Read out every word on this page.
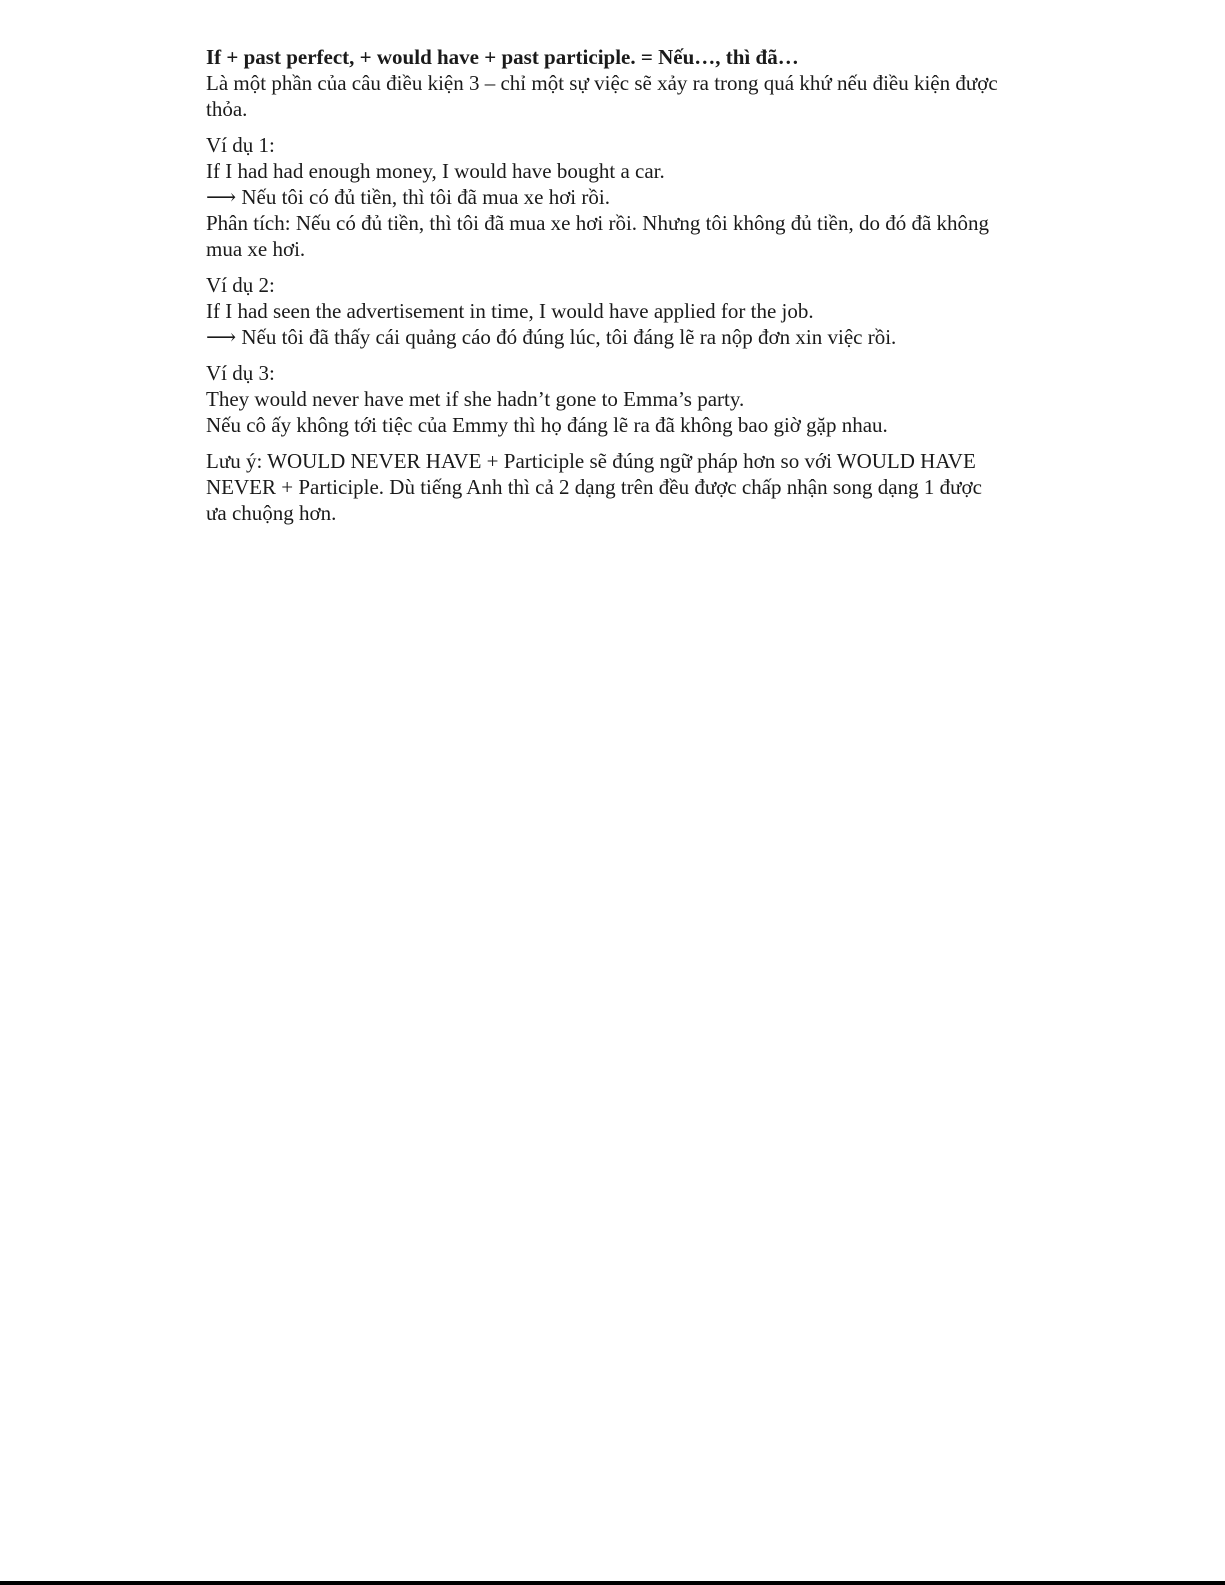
If + past perfect, + would have + past participle. = Nếu…, thì đã…

Là một phần của câu điều kiện 3 – chỉ một sự việc sẽ xảy ra trong quá khứ nếu điều kiện được thỏa.

Ví dụ 1:

If I had had enough money, I would have bought a car.

⟶ Nếu tôi có đủ tiền, thì tôi đã mua xe hơi rồi.

Phân tích: Nếu có đủ tiền, thì tôi đã mua xe hơi rồi. Nhưng tôi không đủ tiền, do đó đã không mua xe hơi.

Ví dụ 2:

If I had seen the advertisement in time, I would have applied for the job.

⟶ Nếu tôi đã thấy cái quảng cáo đó đúng lúc, tôi đáng lẽ ra nộp đơn xin việc rồi.

Ví dụ 3:

They would never have met if she hadn’t gone to Emma’s party.

Nếu cô ấy không tới tiệc của Emmy thì họ đáng lẽ ra đã không bao giờ gặp nhau.

Lưu ý: WOULD NEVER HAVE + Participle sẽ đúng ngữ pháp hơn so với WOULD HAVE NEVER + Participle. Dù tiếng Anh thì cả 2 dạng trên đều được chấp nhận song dạng 1 được ưa chuộng hơn.
